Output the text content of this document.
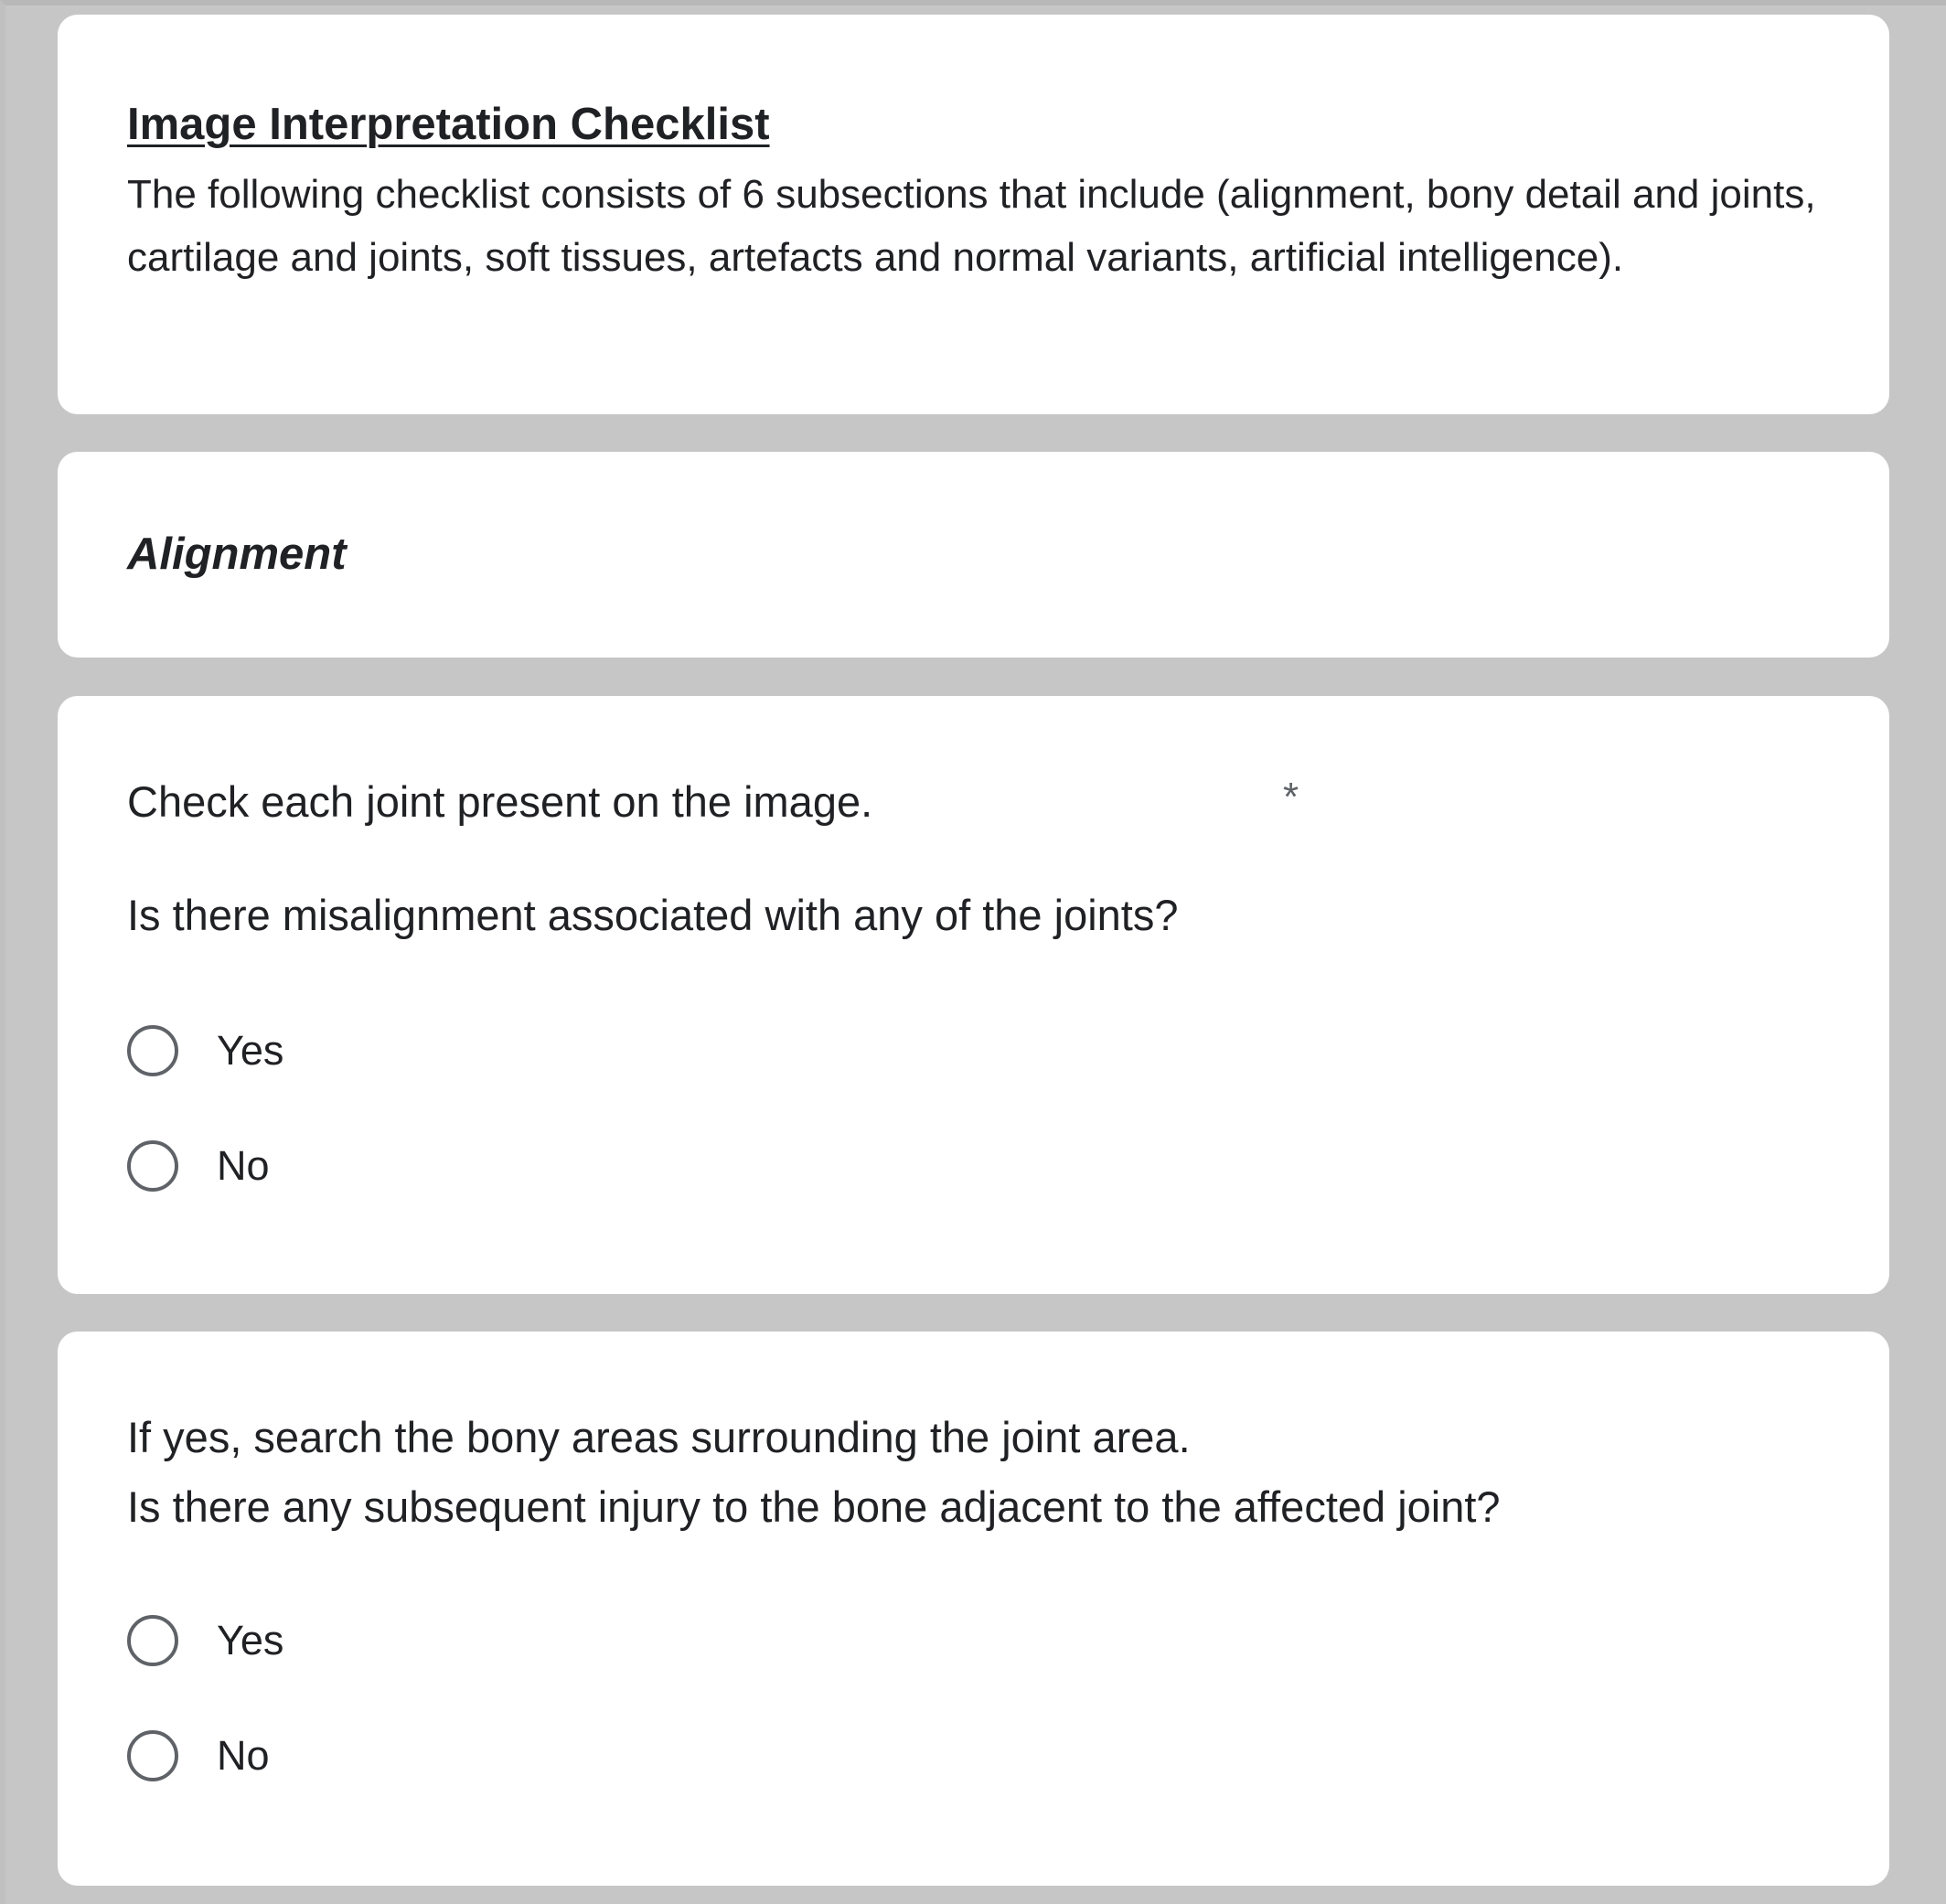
Image Interpretation Checklist
The following checklist consists of 6 subsections that include (alignment, bony detail and joints, cartilage and joints, soft tissues, artefacts and normal variants, artificial intelligence).
Alignment
Check each joint present on the image.	*
Is there misalignment associated with any of the joints?
Yes
No
If yes, search the bony areas surrounding the joint area.
Is there any subsequent injury to the bone adjacent to the affected joint?
Yes
No
